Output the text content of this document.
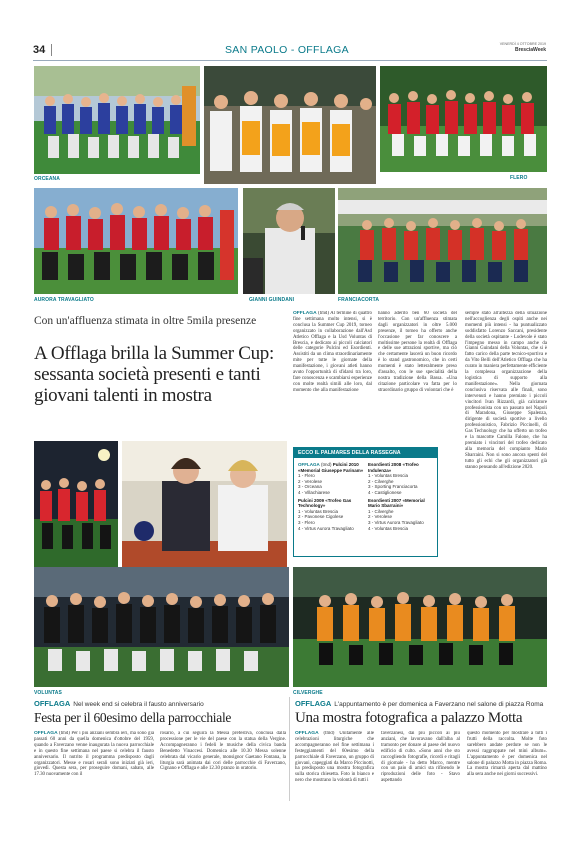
34	SAN PAOLO - OFFLAGA	VENERDÌ 4 OTTOBRE 2019
BresciaWeek
ORCEANA	FLERO
AURORA TRAVAGLIATO	GIANNI GUINDANI	FRANCIACORTA
Con un'affluenza stimata in oltre 5mila presenze
A Offlaga brilla la Summer Cup: sessanta società presenti e tanti giovani talenti in mostra
OFFLAGA (tmd) Al termine di quattro fine settimana molto intensi, si è conclusa la Summer Cup 2019, torneo organizzato in collaborazione dall'Asd Atletico Offlaga e la Usd Voluntas di Brescia, e dedicato ai piccoli calciatori delle categorie Pulcini ed Esordienti. Assistiti da un clima straordinariamente mite per tutte le giornate della manifestazione, i giovani atleti hanno avuto l'opportunità di sfidarsi tra loro, fare conoscenza e scambiarsi esperienze con molte realtà simili alle loro, dal momento che alla manifestazione
hanno aderito ben 60 società del territorio. Con un'affluenza stimata dagli organizzatori in oltre 5.000 presenze, il torneo ha offerto anche l'occasione per far conoscere a moltissime persone la realtà di Offlaga e delle sue attrazioni sportive, ma ciò che certamente lascerà un buon ricordo è lo stand gastronomico, che in certi momenti è stato letteralmente preso d'assalto, con le sue specialità della nostra tradizione della Bassa. «Una citazione particolare va fatta per lo straordinario gruppo di volontari che è
sempre stato all'altezza della situazione nell'accoglienza degli ospiti anche nei momenti più intensi - ha puntualizzato soddisfatto Lorenzo Saccani, presidente della società ospitante - Lodevole è stato l'impegno messo in campo anche da Gianni Guindani della Voluntas, che si è fatto carico della parte tecnico-sportiva e da Vito Belli dell'Atletico Offlaga che ha curato in maniera perfettamente efficiente la complessa organizzazione della logistica di supporto alla manifestazione». Nella giornata conclusiva riservata alle finali, sono intervenuti e hanno premiato i piccoli vincitori Ivan Rizzardi, già calciatore professionista con un passato nel Napoli di Maradona, Giuseppe Spalenza, dirigente di società sportive a livello professionistico, Fabrizio Piccinelli, di Gas Technology che ha offerto un trofeo e la mascotte Camilla Falone, che ha premiato i vincitori del trofeo dedicato alla memoria del compianto Mario Sbarraini. Non si sono ancora spenti del tutto gli echi che gli organizzatori già stanno pensando all'edizione 2020.
ECCO IL PALMARES DELLA RASSEGNA
OFFLAGA (tmd) Pulcini 2010 «Memorial Giuseppe Farinam»
1 - Flero
2 - Verolese
3 - Orceana
4 - Villachiarese
Pulcini 2009 «Trofeo Gas Technology»
1 - Voluntas Brescia
2 - Pavonese Cigolese
3 - Flero
4 - Virtus Aurora Travagliato
Esordienti 2008 «Trofeo Indulenza»
1 - Voluntas Brescia
2 - Cilverghe
3 - Sporting Franciacorta
4 - Castiglionese
Esordienti 2007 «Memorial Mario Sbarraini»
1 - Cilverghe
2 - Verolese
3 - Virtus Aurora Travagliato
4 - Voluntas Brescia
VOLUNTAS	CILVERGHE
OFFLAGA Nel week end si celebra il fausto anniversario
Festa per il 60esimo della parrocchiale
OFFLAGA (tmd) Per i più anziani sembra ieri, ma sono già passati 60 anni da quella domenica d'ottobre del 1959, quando a Faverzano venne inaugurata la nuova parrocchiale e in questo fine settimana nel paese si celebra il fausto anniversario. Il nutrito il programma predisposto dagli organizzatori. Messe e rosari serali sono iniziati già ieri, giovedì. Questa sera, per proseguire domani, sabato, alle 17.30 nuovamente con il
rosario, a cui seguirà la Messa prefestiva, conclusa dalla processione per le vie del paese con la statua della Vergine. Accompagneranno i fedeli le musiche della civica banda Benedetto Vinaccesi. Domenica alle 10.30 Messa solenne celebrata dal vicario generale, monsignor Gaetano Fontana, la liturgia sarà animata dai cori delle parrocchie di Faverzano, Cignano e Offlaga e alle 12.30 pranzo in oratorio.
OFFLAGA L'appuntamento è per domenica a Faverzano nel salone di piazza Roma
Una mostra fotografica a palazzo Motta
OFFLAGA (tmd) Unitamente alle celebrazioni liturgiche che accompagneranno nel fine settimana i festeggiamenti del 60esimo della parrocchiale di Faverzano, un gruppo di giovani, capeggiati da Marco Piccinotti, ha predisposto una mostra fotografica sulla storica chiesetta. Foto in bianco e nero che mostrano la volontà di tutti i
faverzanesi, dai più piccoli ai più anziani, che lavoravano dall'alba al tramonto per donare al paese del nuovo edificio di culto. «Sono anni che sto raccogliendo fotografie, ricordi e ritagli di giornale - ha detto Marco, mentre con un paio di amici sta rifinendo le riproduzioni delle foto - Stavo aspettando
questo momento per mostrare a tutti i frutti della raccolta. Molte foto sarebbero andate perdute se non le avessi raggruppate nel mini album». L'appuntamento è per domenica nel salone di palazzo Motta in piazza Roma. La mostra rimarrà aperta dal mattino alla sera anche nei giorni successivi.
